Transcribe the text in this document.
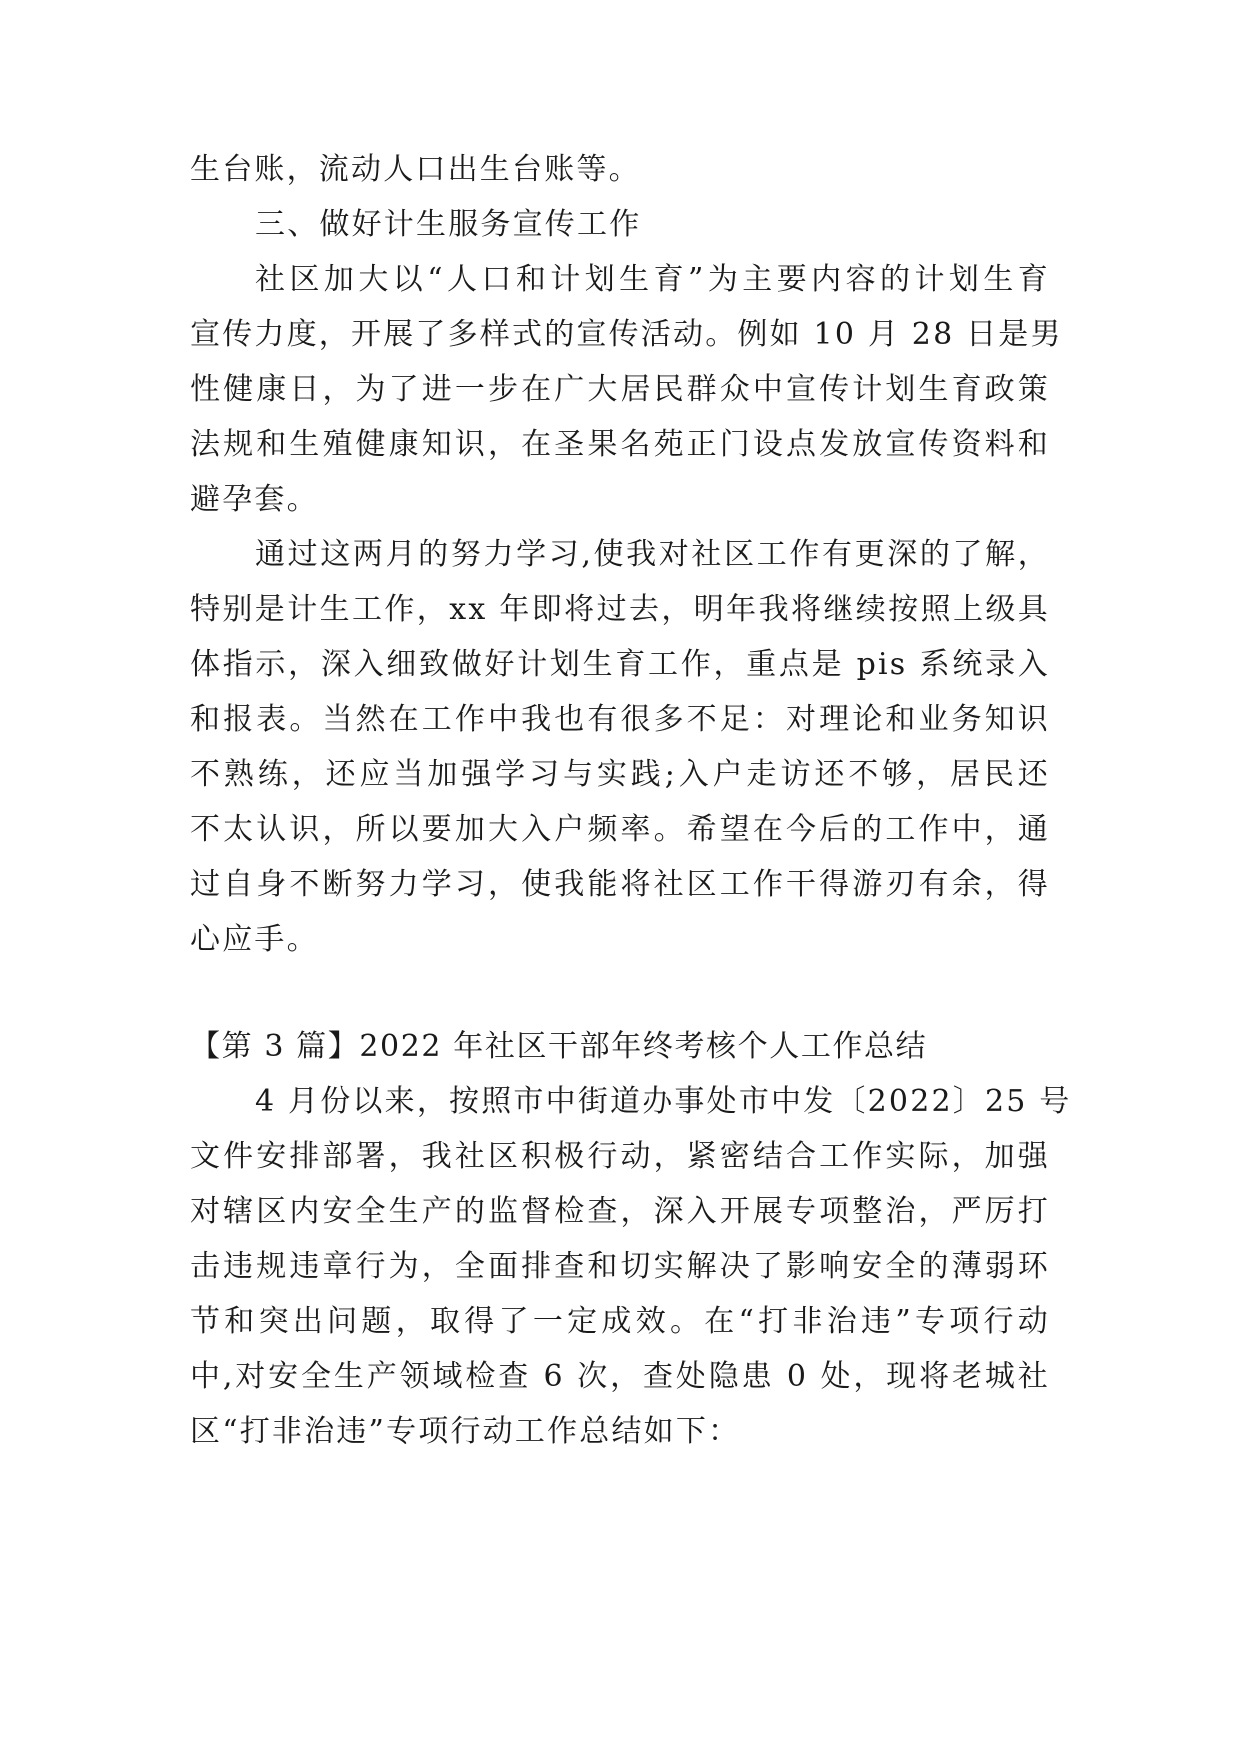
生台账，流动人口出生台账等。
三、做好计生服务宣传工作
社区加大以“人口和计划生育”为主要内容的计划生育
宣传力度，开展了多样式的宣传活动。例如 10 月 28 日是男
性健康日，为了进一步在广大居民群众中宣传计划生育政策
法规和生殖健康知识，在圣果名苑正门设点发放宣传资料和
避孕套。
通过这两月的努力学习,使我对社区工作有更深的了解，
特别是计生工作，xx 年即将过去，明年我将继续按照上级具
体指示，深入细致做好计划生育工作，重点是 pis 系统录入
和报表。当然在工作中我也有很多不足：对理论和业务知识
不熟练，还应当加强学习与实践;入户走访还不够，居民还
不太认识，所以要加大入户频率。希望在今后的工作中，通
过自身不断努力学习，使我能将社区工作干得游刃有余，得
心应手。
【第 3 篇】2022 年社区干部年终考核个人工作总结
4 月份以来，按照市中街道办事处市中发〔2022〕25 号
文件安排部署，我社区积极行动，紧密结合工作实际，加强
对辖区内安全生产的监督检查，深入开展专项整治，严厉打
击违规违章行为，全面排查和切实解决了影响安全的薄弱环
节和突出问题，取得了一定成效。在“打非治违”专项行动
中,对安全生产领域检查 6 次，查处隐患 0 处，现将老城社
区“打非治违”专项行动工作总结如下：
